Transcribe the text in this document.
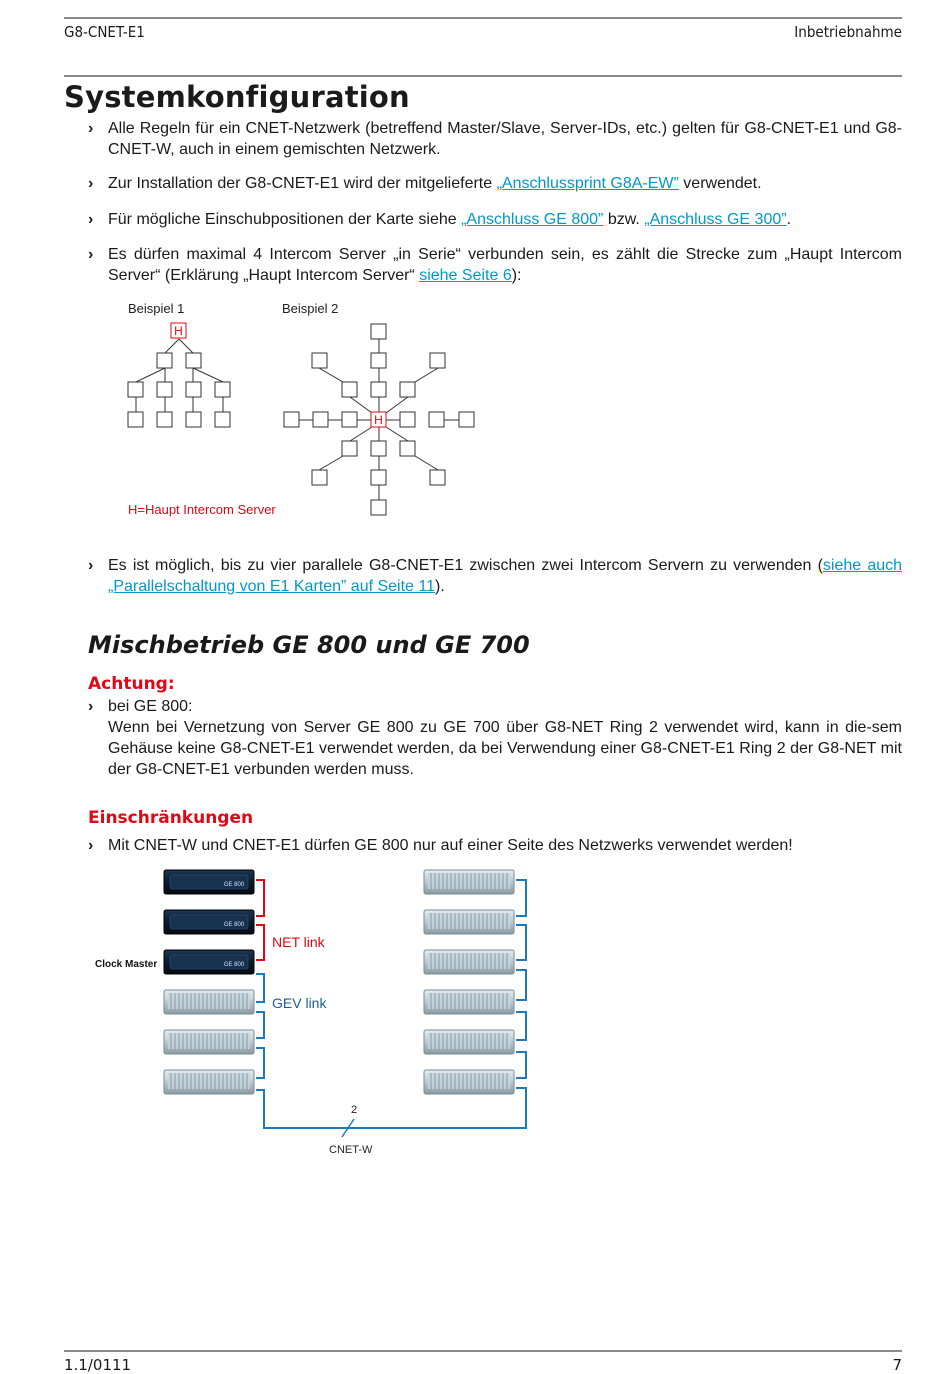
G8-CNET-E1	Inbetriebnahme
Systemkonfiguration
› Alle Regeln für ein CNET-Netzwerk (betreffend Master/Slave, Server-IDs, etc.) gelten für G8-CNET-E1 und G8-CNET-W, auch in einem gemischten Netzwerk.
› Zur Installation der G8-CNET-E1 wird der mitgelieferte „Anschlussprint G8A-EW” verwendet.
› Für mögliche Einschubpositionen der Karte siehe „Anschluss GE 800” bzw. „Anschluss GE 300”.
› Es dürfen maximal 4 Intercom Server „in Serie“ verbunden sein, es zählt die Strecke zum „Haupt Intercom Server“ (Erklärung „Haupt Intercom Server“ siehe Seite 6):
Beispiel 1	Beispiel 2
H=Haupt Intercom Server
H
H
› Es ist möglich, bis zu vier parallele G8-CNET-E1 zwischen zwei Intercom Servern zu verwenden (siehe auch „Parallelschaltung von E1 Karten” auf Seite 11).
Mischbetrieb GE 800 und GE 700
Achtung:
› bei GE 800:
Wenn bei Vernetzung von Server GE 800 zu GE 700 über G8-NET Ring 2 verwendet wird, kann in die-sem Gehäuse keine G8-CNET-E1 verwendet werden, da bei Verwendung einer G8-CNET-E1 Ring 2 der G8-NET mit der G8-CNET-E1 verbunden werden muss.
Einschränkungen
› Mit CNET-W und CNET-E1 dürfen GE 800 nur auf einer Seite des Netzwerks verwendet werden!
GE 800
GE 800
GE 800
Clock Master
NET link
GEV link
2
CNET-W
1.1/0111	7
